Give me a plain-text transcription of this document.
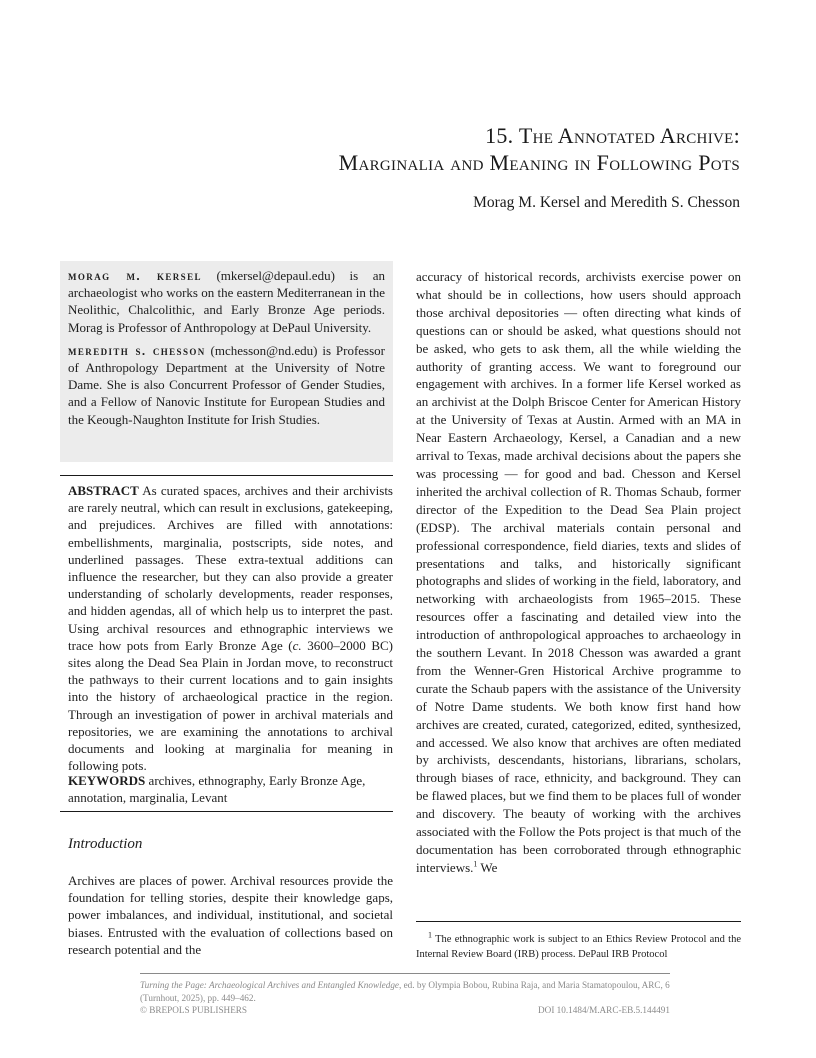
15. The Annotated Archive:
Marginalia and Meaning in Following Pots
Morag M. Kersel and Meredith S. Chesson

morag m. kersel (mkersel@depaul.edu) is an archaeologist who works on the eastern Mediterranean in the Neolithic, Chalcolithic, and Early Bronze Age periods. Morag is Professor of Anthropology at DePaul University.

meredith s. chesson (mchesson@nd.edu) is Professor of Anthropology Department at the University of Notre Dame. She is also Concurrent Professor of Gender Studies, and a Fellow of Nanovic Institute for European Studies and the Keough-Naughton Institute for Irish Studies.

ABSTRACT As curated spaces, archives and their archivists are rarely neutral, which can result in exclusions, gatekeeping, and prejudices. Archives are filled with annotations: embellishments, marginalia, postscripts, side notes, and underlined passages. These extra-textual additions can influence the researcher, but they can also provide a greater understanding of scholarly developments, reader responses, and hidden agendas, all of which help us to interpret the past. Using archival resources and ethnographic interviews we trace how pots from Early Bronze Age (c. 3600–2000 BC) sites along the Dead Sea Plain in Jordan move, to reconstruct the pathways to their current locations and to gain insights into the history of archaeological practice in the region. Through an investigation of power in archival materials and repositories, we are examining the annotations to archival documents and looking at marginalia for meaning in following pots.

KEYWORDS archives, ethnography, Early Bronze Age, annotation, marginalia, Levant

Introduction

Archives are places of power. Archival resources provide the foundation for telling stories, despite their knowledge gaps, power imbalances, and individual, institutional, and societal biases. Entrusted with the evaluation of collections based on research potential and the

accuracy of historical records, archivists exercise power on what should be in collections, how users should approach those archival depositories — often directing what kinds of questions can or should be asked, what questions should not be asked, who gets to ask them, all the while wielding the authority of granting access. We want to foreground our engagement with archives. In a former life Kersel worked as an archivist at the Dolph Briscoe Center for American History at the University of Texas at Austin. Armed with an MA in Near Eastern Archaeology, Kersel, a Canadian and a new arrival to Texas, made archival decisions about the papers she was processing — for good and bad. Chesson and Kersel inherited the archival collection of R. Thomas Schaub, former director of the Expedition to the Dead Sea Plain project (EDSP). The archival materials contain personal and professional correspondence, field diaries, texts and slides of presentations and talks, and historically significant photographs and slides of working in the field, laboratory, and networking with archaeologists from 1965–2015. These resources offer a fascinating and detailed view into the introduction of anthropological approaches to archaeology in the southern Levant. In 2018 Chesson was awarded a grant from the Wenner-Gren Historical Archive programme to curate the Schaub papers with the assistance of the University of Notre Dame students. We both know first hand how archives are created, curated, categorized, edited, synthesized, and accessed. We also know that archives are often mediated by archivists, descendants, historians, librarians, scholars, through biases of race, ethnicity, and background. They can be flawed places, but we find them to be places full of wonder and discovery. The beauty of working with the archives associated with the Follow the Pots project is that much of the documentation has been corroborated through ethnographic interviews.$^1$ We

$^1$ The ethnographic work is subject to an Ethics Review Protocol and the Internal Review Board (IRB) process. DePaul IRB Protocol

Turning the Page: Archaeological Archives and Entangled Knowledge, ed. by Olympia Bobou, Rubina Raja, and Maria Stamatopoulou, ARC, 6 (Turnhout, 2025), pp. 449–462.

© BREPOLS PUBLISHERS	DOI 10.1484/M.ARC-EB.5.144491
